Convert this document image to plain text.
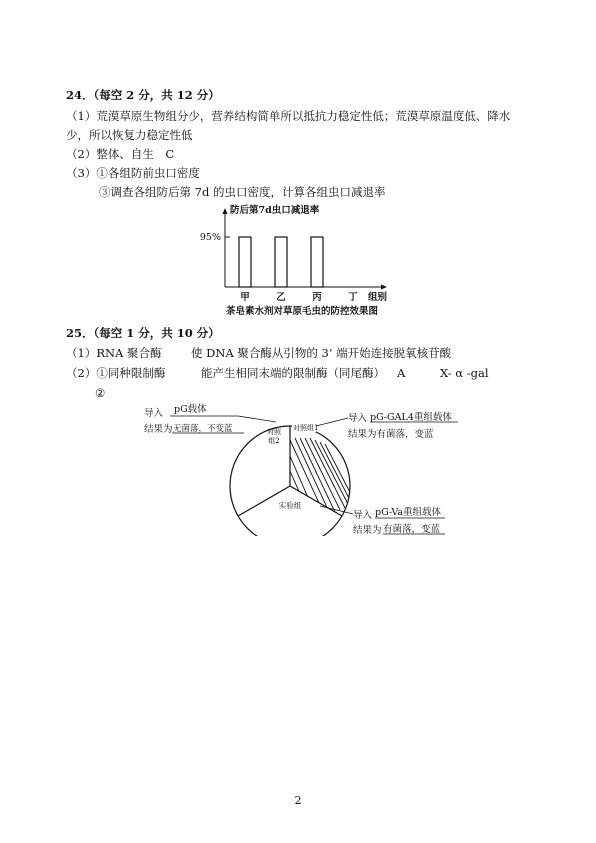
24．（每空 2 分，共 12 分）
（1）荒漠草原生物组分少，营养结构简单所以抵抗力稳定性低；荒漠草原温度低、降水
少，所以恢复力稳定性低
（2）整体、自生　C
（3）①各组防前虫口密度
③调查各组防后第 7d 的虫口密度，计算各组虫口减退率
防后第7d虫口减退率
95%
甲	乙	丙	丁 组别
茶皂素水剂对草原毛虫的防控效果图
25．（每空 1 分，共 10 分）
（1）RNA 聚合酶	使 DNA 聚合酶从引物的 3’ 端开始连接脱氧核苷酸
（2）①同种限制酶	能产生相同末端的限制酶（同尾酶） A	X- α -gal
②
对照组1
对照组2
实验组
导入 pG载体
结果为 无菌落，不变蓝
导入 pG-GAL4重组载体
结果为有菌落，变蓝
导入 pG-Va重组载体
结果为 有菌落，变蓝
2
